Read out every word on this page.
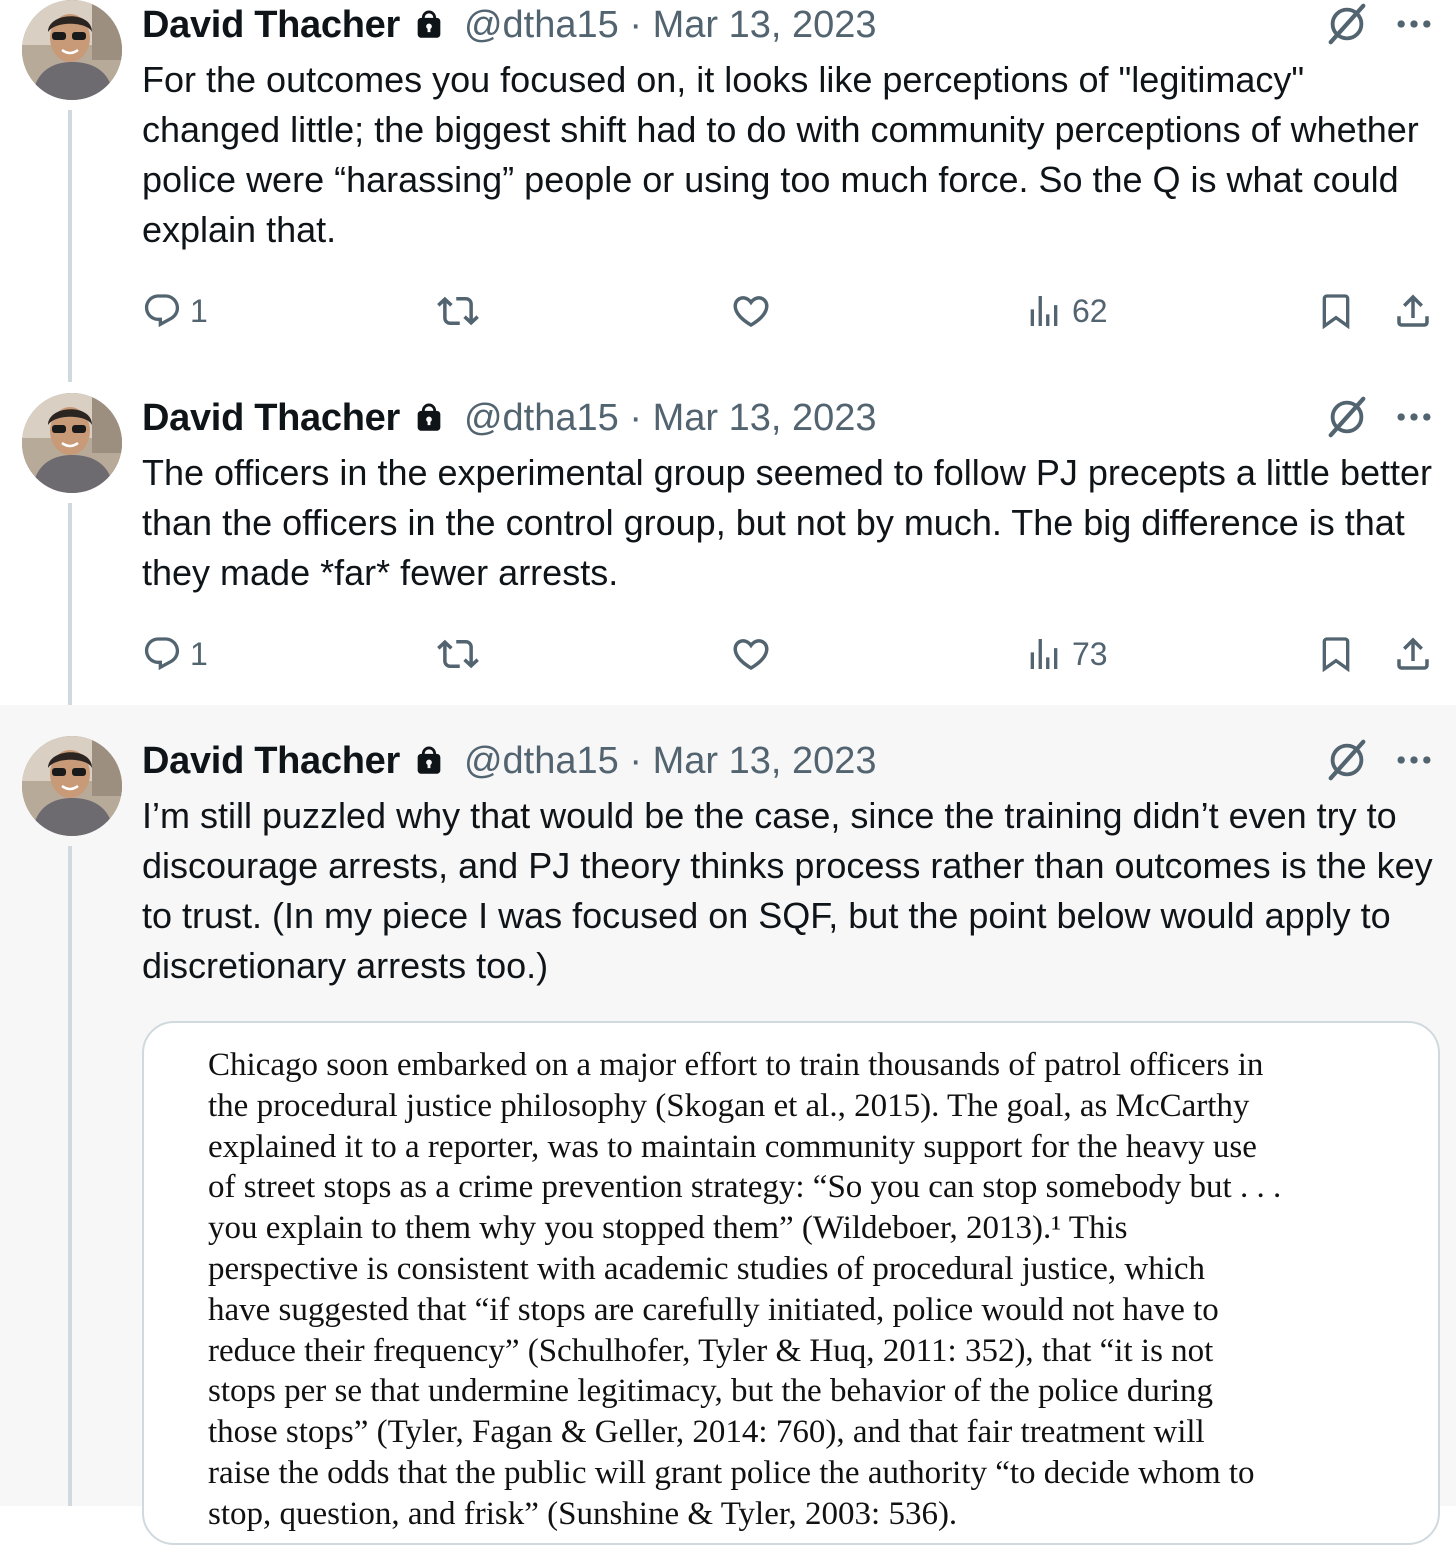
David Thacher @dtha15 · Mar 13, 2023

For the outcomes you focused on, it looks like perceptions of "legitimacy" changed little; the biggest shift had to do with community perceptions of whether police were “harassing” people or using too much force. So the Q is what could explain that.

1	62
David Thacher @dtha15 · Mar 13, 2023

The officers in the experimental group seemed to follow PJ precepts a little better than the officers in the control group, but not by much. The big difference is that they made *far* fewer arrests.

1	73
David Thacher @dtha15 · Mar 13, 2023

I’m still puzzled why that would be the case, since the training didn’t even try to discourage arrests, and PJ theory thinks process rather than outcomes is the key to trust. (In my piece I was focused on SQF, but the point below would apply to discretionary arrests too.)

Chicago soon embarked on a major effort to train thousands of patrol officers in
the procedural justice philosophy (Skogan et al., 2015). The goal, as McCarthy
explained it to a reporter, was to maintain community support for the heavy use
of street stops as a crime prevention strategy: “So you can stop somebody but . . .
you explain to them why you stopped them” (Wildeboer, 2013).¹ This
perspective is consistent with academic studies of procedural justice, which
have suggested that “if stops are carefully initiated, police would not have to
reduce their frequency” (Schulhofer, Tyler & Huq, 2011: 352), that “it is not
stops per se that undermine legitimacy, but the behavior of the police during
those stops” (Tyler, Fagan & Geller, 2014: 760), and that fair treatment will
raise the odds that the public will grant police the authority “to decide whom to
stop, question, and frisk” (Sunshine & Tyler, 2003: 536).
